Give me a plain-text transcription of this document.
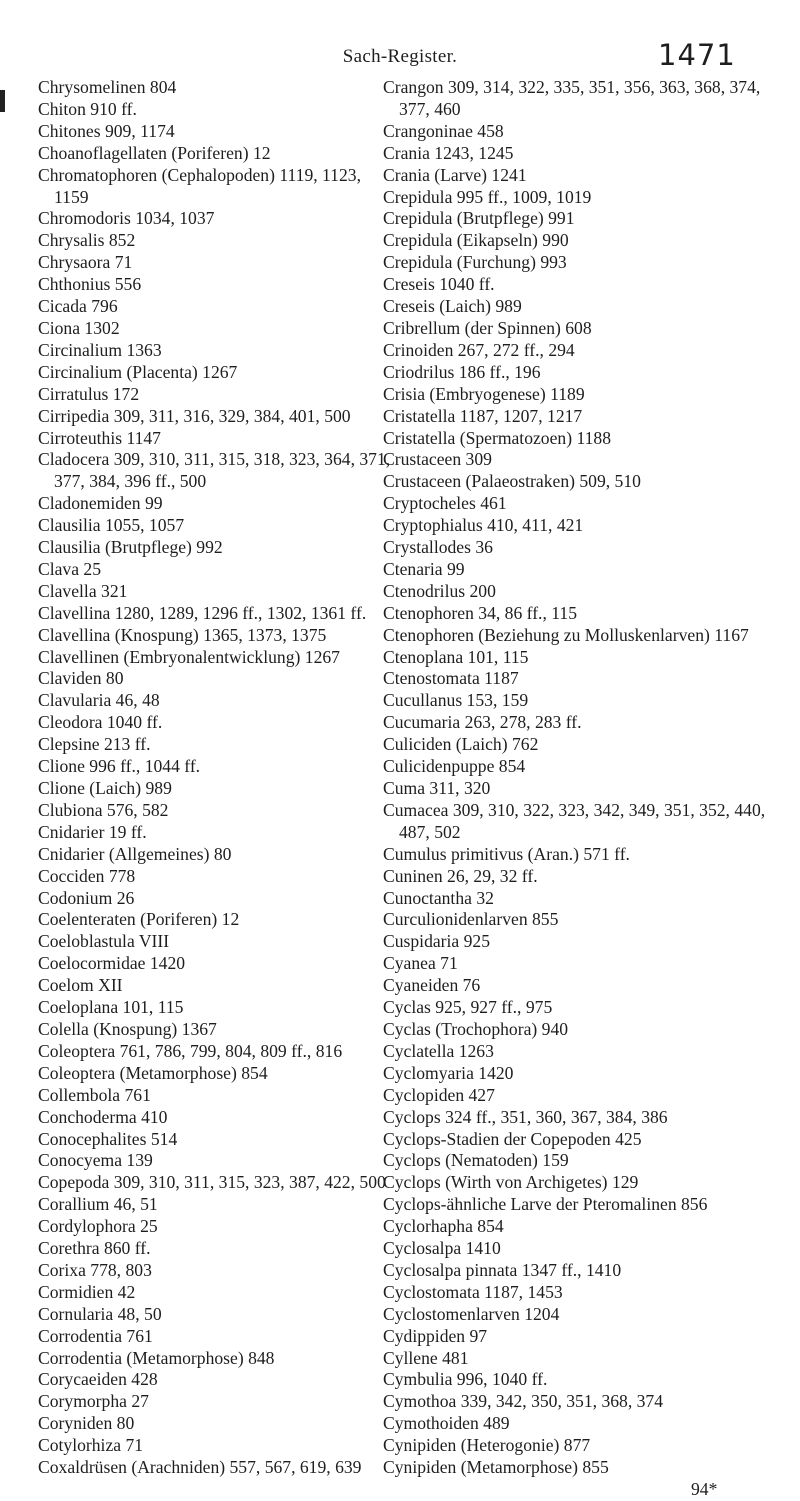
Sach-Register.	1471
Chrysomelinen 804
Chiton 910 ff.
Chitones 909, 1174
Choanoflagellaten (Poriferen) 12
Chromatophoren (Cephalopoden) 1119, 1123, 1159
Chromodoris 1034, 1037
Chrysalis 852
Chrysaora 71
Chthonius 556
Cicada 796
Ciona 1302
Circinalium 1363
Circinalium (Placenta) 1267
Cirratulus 172
Cirripedia 309, 311, 316, 329, 384, 401, 500
Cirroteuthis 1147
Cladocera 309, 310, 311, 315, 318, 323, 364, 371, 377, 384, 396 ff., 500
Cladonemiden 99
Clausilia 1055, 1057
Clausilia (Brutpflege) 992
Clava 25
Clavella 321
Clavellina 1280, 1289, 1296 ff., 1302, 1361 ff.
Clavellina (Knospung) 1365, 1373, 1375
Clavellinen (Embryonalentwicklung) 1267
Claviden 80
Clavularia 46, 48
Cleodora 1040 ff.
Clepsine 213 ff.
Clione 996 ff., 1044 ff.
Clione (Laich) 989
Clubiona 576, 582
Cnidarier 19 ff.
Cnidarier (Allgemeines) 80
Cocciden 778
Codonium 26
Coelenteraten (Poriferen) 12
Coeloblastula VIII
Coelocormidae 1420
Coelom XII
Coeloplana 101, 115
Colella (Knospung) 1367
Coleoptera 761, 786, 799, 804, 809 ff., 816
Coleoptera (Metamorphose) 854
Collembola 761
Conchoderma 410
Conocephalites 514
Conocyema 139
Copepoda 309, 310, 311, 315, 323, 387, 422, 500
Corallium 46, 51
Cordylophora 25
Corethra 860 ff.
Corixa 778, 803
Cormidien 42
Cornularia 48, 50
Corrodentia 761
Corrodentia (Metamorphose) 848
Corycaeiden 428
Corymorpha 27
Coryniden 80
Cotylorhiza 71
Coxaldrüsen (Arachniden) 557, 567, 619, 639
Crangon 309, 314, 322, 335, 351, 356, 363, 368, 374, 377, 460
Crangoninae 458
Crania 1243, 1245
Crania (Larve) 1241
Crepidula 995 ff., 1009, 1019
Crepidula (Brutpflege) 991
Crepidula (Eikapseln) 990
Crepidula (Furchung) 993
Creseis 1040 ff.
Creseis (Laich) 989
Cribrellum (der Spinnen) 608
Crinoiden 267, 272 ff., 294
Criodrilus 186 ff., 196
Crisia (Embryogenese) 1189
Cristatella 1187, 1207, 1217
Cristatella (Spermatozoen) 1188
Crustaceen 309
Crustaceen (Palaeostraken) 509, 510
Cryptocheles 461
Cryptophialus 410, 411, 421
Crystallodes 36
Ctenaria 99
Ctenodrilus 200
Ctenophoren 34, 86 ff., 115
Ctenophoren (Beziehung zu Molluskenlarven) 1167
Ctenoplana 101, 115
Ctenostomata 1187
Cucullanus 153, 159
Cucumaria 263, 278, 283 ff.
Culiciden (Laich) 762
Culicidenpuppe 854
Cuma 311, 320
Cumacea 309, 310, 322, 323, 342, 349, 351, 352, 440, 487, 502
Cumulus primitivus (Aran.) 571 ff.
Cuninen 26, 29, 32 ff.
Cunoctantha 32
Curculionidenlarven 855
Cuspidaria 925
Cyanea 71
Cyaneiden 76
Cyclas 925, 927 ff., 975
Cyclas (Trochophora) 940
Cyclatella 1263
Cyclomyaria 1420
Cyclopiden 427
Cyclops 324 ff., 351, 360, 367, 384, 386
Cyclops-Stadien der Copepoden 425
Cyclops (Nematoden) 159
Cyclops (Wirth von Archigetes) 129
Cyclops-ähnliche Larve der Pteromalinen 856
Cyclorhapha 854
Cyclosalpa 1410
Cyclosalpa pinnata 1347 ff., 1410
Cyclostomata 1187, 1453
Cyclostomenlarven 1204
Cydippiden 97
Cyllene 481
Cymbulia 996, 1040 ff.
Cymothoa 339, 342, 350, 351, 368, 374
Cymothoiden 489
Cynipiden (Heterogonie) 877
Cynipiden (Metamorphose) 855
94*
